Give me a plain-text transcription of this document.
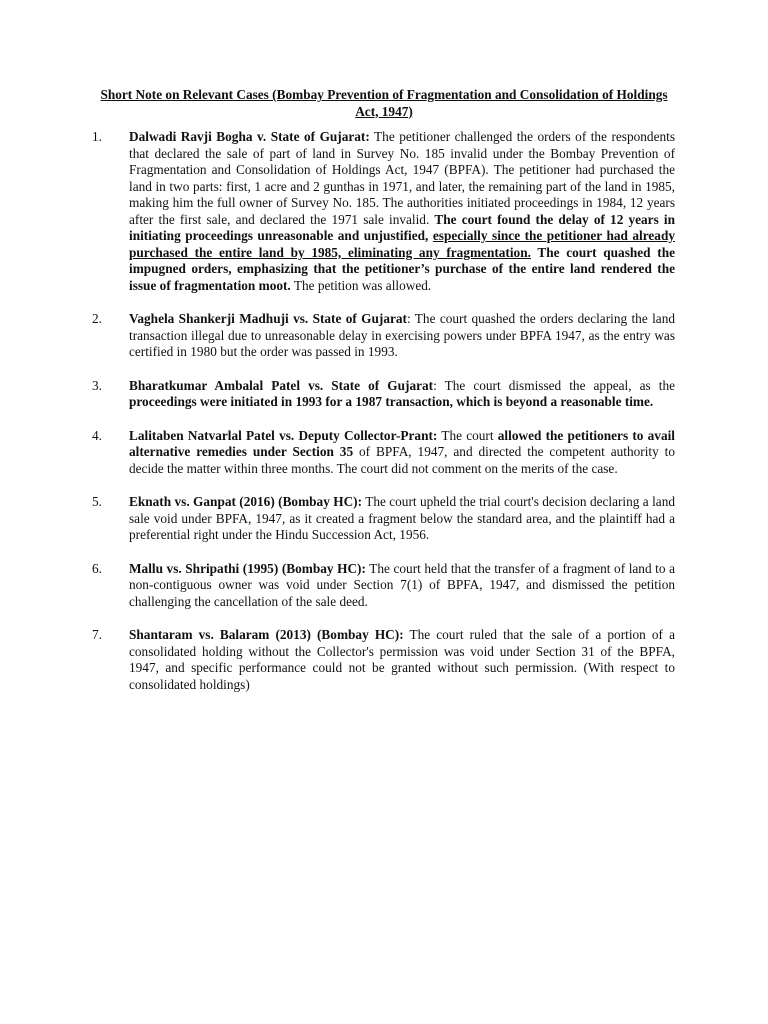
Short Note on Relevant Cases (Bombay Prevention of Fragmentation and Consolidation of Holdings Act, 1947)
1. Dalwadi Ravji Bogha v. State of Gujarat: The petitioner challenged the orders of the respondents that declared the sale of part of land in Survey No. 185 invalid under the Bombay Prevention of Fragmentation and Consolidation of Holdings Act, 1947 (BPFA). The petitioner had purchased the land in two parts: first, 1 acre and 2 gunthas in 1971, and later, the remaining part of the land in 1985, making him the full owner of Survey No. 185. The authorities initiated proceedings in 1984, 12 years after the first sale, and declared the 1971 sale invalid. The court found the delay of 12 years in initiating proceedings unreasonable and unjustified, especially since the petitioner had already purchased the entire land by 1985, eliminating any fragmentation. The court quashed the impugned orders, emphasizing that the petitioner’s purchase of the entire land rendered the issue of fragmentation moot. The petition was allowed.
2. Vaghela Shankerji Madhuji vs. State of Gujarat: The court quashed the orders declaring the land transaction illegal due to unreasonable delay in exercising powers under BPFA 1947, as the entry was certified in 1980 but the order was passed in 1993.
3. Bharatkumar Ambalal Patel vs. State of Gujarat: The court dismissed the appeal, as the proceedings were initiated in 1993 for a 1987 transaction, which is beyond a reasonable time.
4. Lalitaben Natvarlal Patel vs. Deputy Collector-Prant: The court allowed the petitioners to avail alternative remedies under Section 35 of BPFA, 1947, and directed the competent authority to decide the matter within three months. The court did not comment on the merits of the case.
5. Eknath vs. Ganpat (2016) (Bombay HC): The court upheld the trial court's decision declaring a land sale void under BPFA, 1947, as it created a fragment below the standard area, and the plaintiff had a preferential right under the Hindu Succession Act, 1956.
6. Mallu vs. Shripathi (1995) (Bombay HC): The court held that the transfer of a fragment of land to a non-contiguous owner was void under Section 7(1) of BPFA, 1947, and dismissed the petition challenging the cancellation of the sale deed.
7. Shantaram vs. Balaram (2013) (Bombay HC): The court ruled that the sale of a portion of a consolidated holding without the Collector's permission was void under Section 31 of the BPFA, 1947, and specific performance could not be granted without such permission. (With respect to consolidated holdings)
